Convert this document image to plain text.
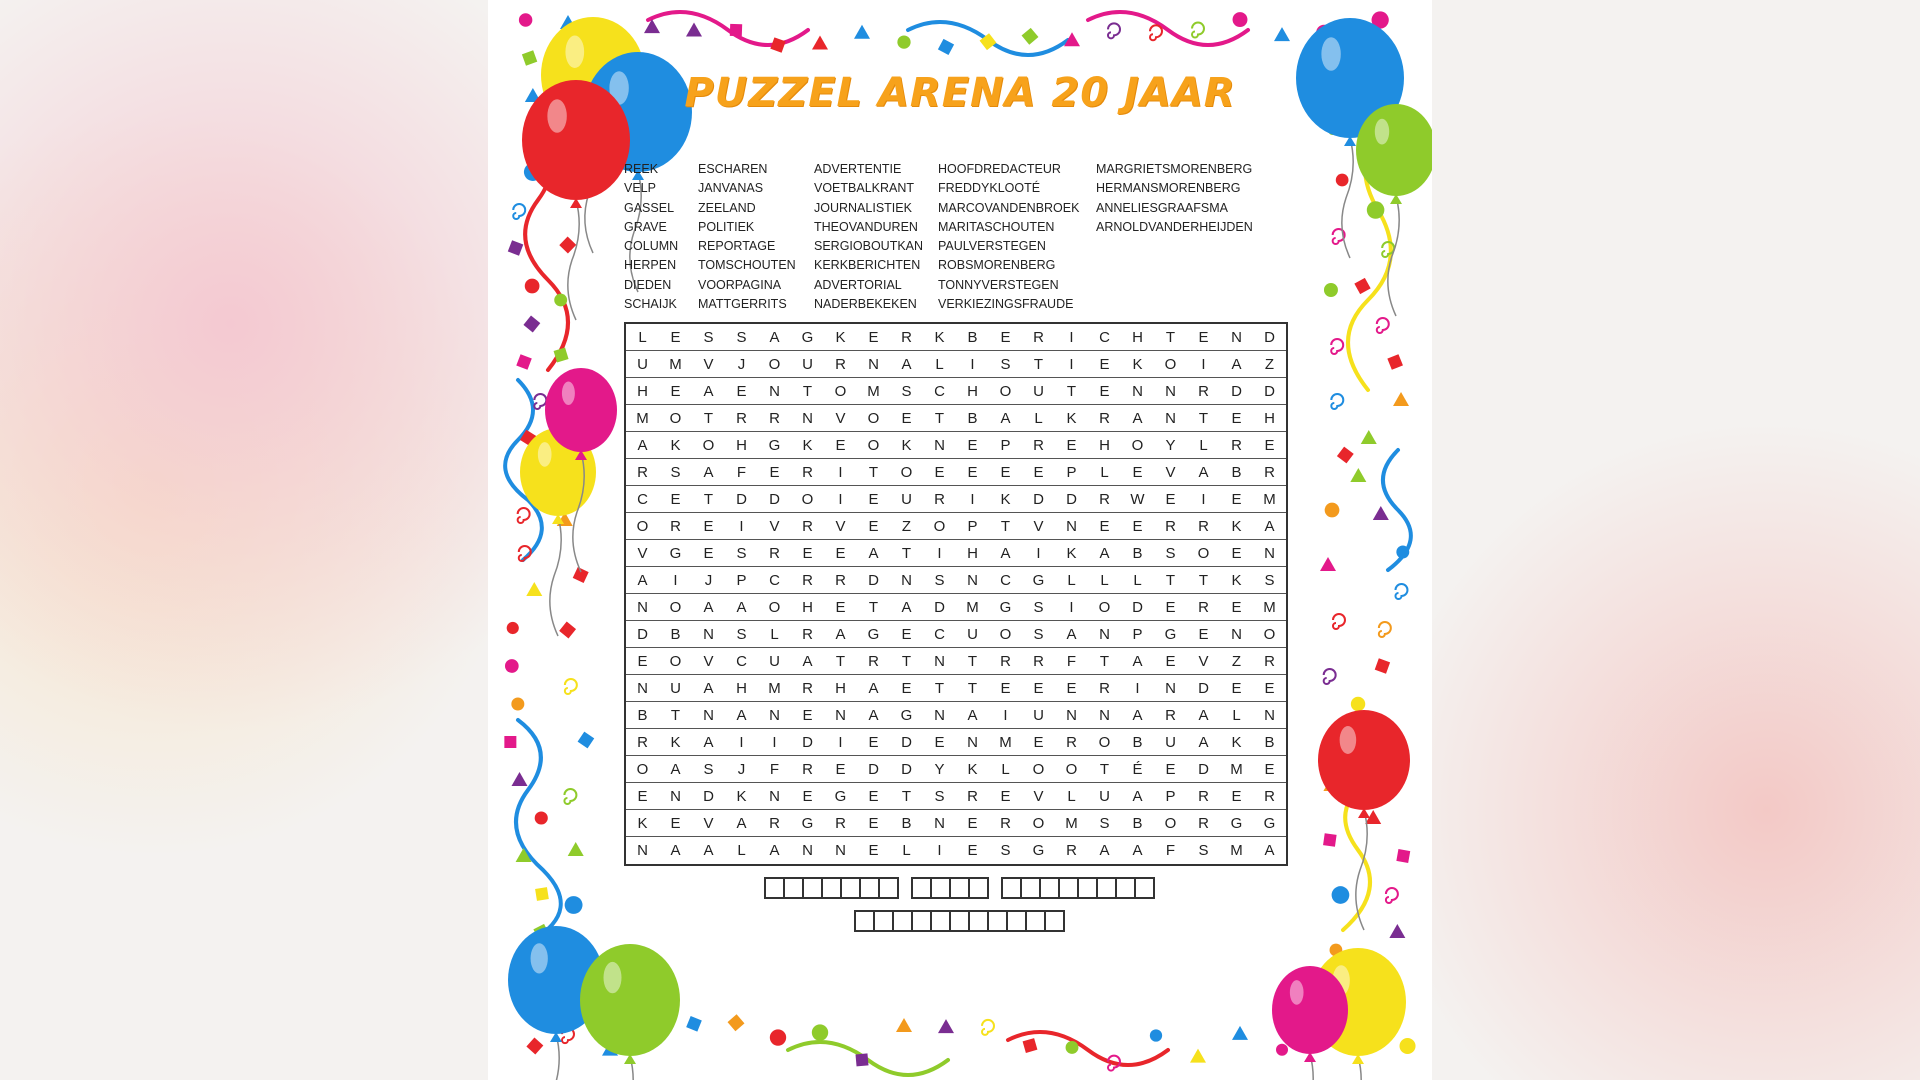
PUZZEL ARENA 20 JAAR
REEK
VELP
GASSEL
GRAVE
COLUMN
HERPEN
DIEDEN
SCHAIJK
ESCHAREN
JANVANAS
ZEELAND
POLITIEK
REPORTAGE
TOMSCHOUTEN
VOORPAGINA
MATTGERRITS
ADVERTENTIE
VOETBALKRANT
JOURNALISTIEK
THEOVANDUREN
SERGIOBOUTKAN
KERKBERICHTEN
ADVERTORIAL
NADERBEKEKEN
HOOFDREDACTEUR
FREDDYKLOOTÉ
MARCOVANDENBROEK
MARITASCHOUTEN
PAULVERSTEGEN
ROBSMORENBERG
TONNYVERSTEGEN
VERKIEZINGSFRAUDE
MARGRIETSMORENBERG
HERMANSMORENBERG
ANNELIESGRAAFSMA
ARNOLDVANDERHEIJDEN
L	E	S	S	A	G	K	E	R	K	B	E	R	I	C	H	T	E	N	D
U	M	V	J	O	U	R	N	A	L	I	S	T	I	E	K	O	I	A	Z
H	E	A	E	N	T	O	M	S	C	H	O	U	T	E	N	N	R	D	D
M	O	T	R	R	N	V	O	E	T	B	A	L	K	R	A	N	T	E	H
A	K	O	H	G	K	E	O	K	N	E	P	R	E	H	O	Y	L	R	E
R	S	A	F	E	R	I	T	O	E	E	E	E	P	L	E	V	A	B	R
C	E	T	D	D	O	I	E	U	R	I	K	D	D	R	W	E	I	E	M
O	R	E	I	V	R	V	E	Z	O	P	T	V	N	E	E	R	R	K	A
V	G	E	S	R	E	E	A	T	I	H	A	I	K	A	B	S	O	E	N
A	I	J	P	C	R	R	D	N	S	N	C	G	L	L	L	T	T	K	S
N	O	A	A	O	H	E	T	A	D	M	G	S	I	O	D	E	R	E	M
D	B	N	S	L	R	A	G	E	C	U	O	S	A	N	P	G	E	N	O
E	O	V	C	U	A	T	R	T	N	T	R	R	F	T	A	E	V	Z	R
N	U	A	H	M	R	H	A	E	T	T	E	E	E	R	I	N	D	E	E
B	T	N	A	N	E	N	A	G	N	A	I	U	N	N	A	R	A	L	N
R	K	A	I	I	D	I	E	D	E	N	M	E	R	O	B	U	A	K	B
O	A	S	J	F	R	E	D	D	Y	K	L	O	O	T	É	E	D	M	E
E	N	D	K	N	E	G	E	T	S	R	E	V	L	U	A	P	R	E	R
K	E	V	A	R	G	R	E	B	N	E	R	O	M	S	B	O	R	G	G
N	A	A	L	A	N	N	E	L	I	E	S	G	R	A	A	F	S	M	A
